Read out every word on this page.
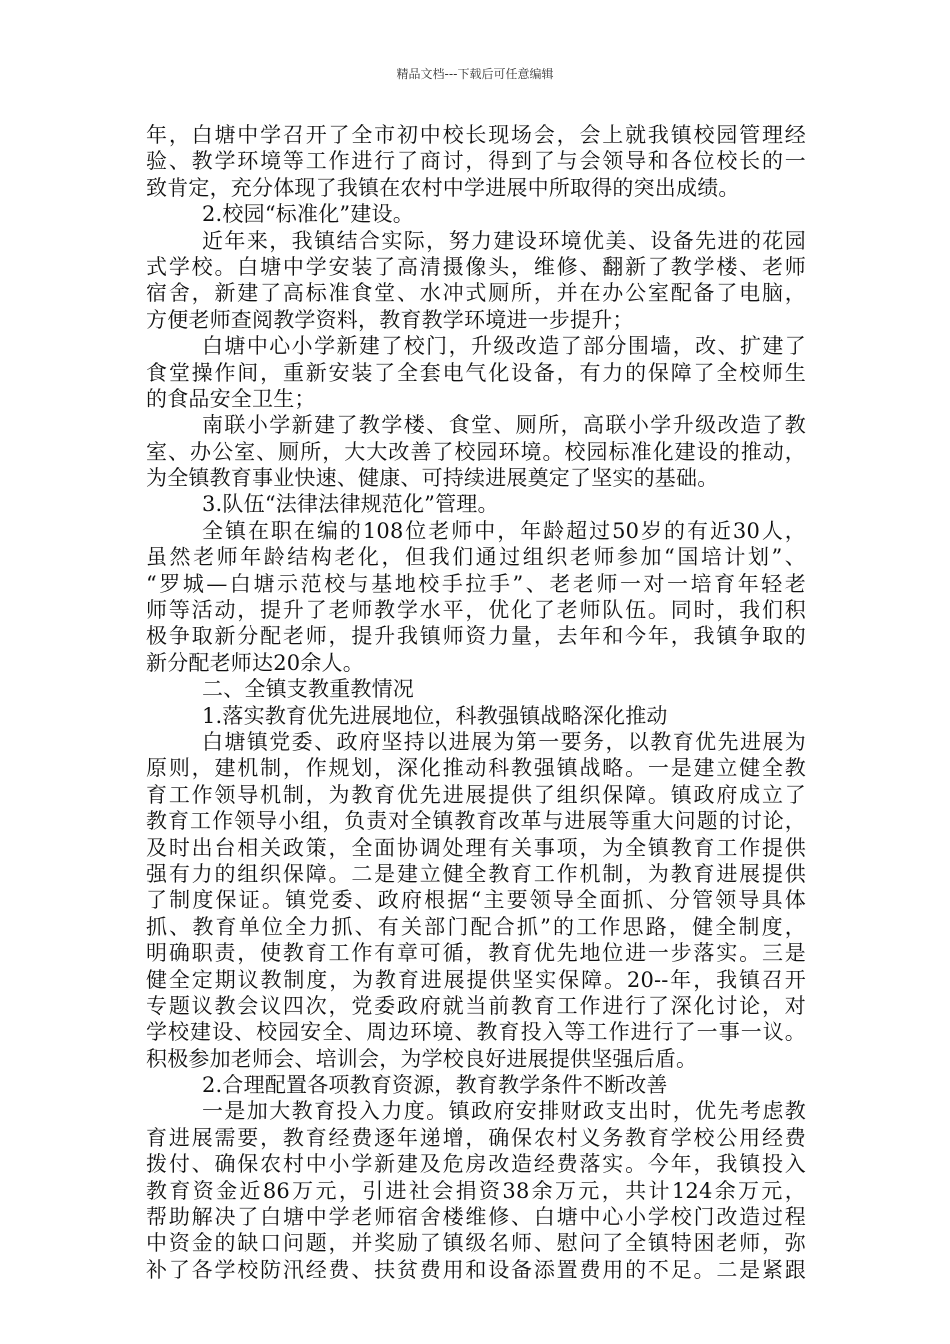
精品文档---下载后可任意编辑
年，白塘中学召开了全市初中校长现场会，会上就我镇校园管理经
验、教学环境等工作进行了商讨，得到了与会领导和各位校长的一
致肯定，充分体现了我镇在农村中学进展中所取得的突出成绩。
2.校园“标准化”建设。
近年来，我镇结合实际，努力建设环境优美、设备先进的花园
式学校。白塘中学安装了高清摄像头，维修、翻新了教学楼、老师
宿舍，新建了高标准食堂、水冲式厕所，并在办公室配备了电脑，
方便老师查阅教学资料，教育教学环境进一步提升；
白塘中心小学新建了校门，升级改造了部分围墙，改、扩建了
食堂操作间，重新安装了全套电气化设备，有力的保障了全校师生
的食品安全卫生；
南联小学新建了教学楼、食堂、厕所，高联小学升级改造了教
室、办公室、厕所，大大改善了校园环境。校园标准化建设的推动，
为全镇教育事业快速、健康、可持续进展奠定了坚实的基础。
3.队伍“法律法律规范化”管理。
全镇在职在编的108位老师中，年龄超过50岁的有近30人，
虽然老师年龄结构老化，但我们通过组织老师参加“国培计划”、
“罗城—白塘示范校与基地校手拉手”、老老师一对一培育年轻老
师等活动，提升了老师教学水平，优化了老师队伍。同时，我们积
极争取新分配老师，提升我镇师资力量，去年和今年，我镇争取的
新分配老师达20余人。
二、全镇支教重教情况
1.落实教育优先进展地位，科教强镇战略深化推动
白塘镇党委、政府坚持以进展为第一要务，以教育优先进展为
原则，建机制，作规划，深化推动科教强镇战略。一是建立健全教
育工作领导机制，为教育优先进展提供了组织保障。镇政府成立了
教育工作领导小组，负责对全镇教育改革与进展等重大问题的讨论，
及时出台相关政策，全面协调处理有关事项，为全镇教育工作提供
强有力的组织保障。二是建立健全教育工作机制，为教育进展提供
了制度保证。镇党委、政府根据“主要领导全面抓、分管领导具体
抓、教育单位全力抓、有关部门配合抓”的工作思路，健全制度，
明确职责，使教育工作有章可循，教育优先地位进一步落实。三是
健全定期议教制度，为教育进展提供坚实保障。20--年，我镇召开
专题议教会议四次，党委政府就当前教育工作进行了深化讨论，对
学校建设、校园安全、周边环境、教育投入等工作进行了一事一议。
积极参加老师会、培训会，为学校良好进展提供坚强后盾。
2.合理配置各项教育资源，教育教学条件不断改善
一是加大教育投入力度。镇政府安排财政支出时，优先考虑教
育进展需要，教育经费逐年递增，确保农村义务教育学校公用经费
拨付、确保农村中小学新建及危房改造经费落实。今年，我镇投入
教育资金近86万元，引进社会捐资38余万元，共计124余万元，
帮助解决了白塘中学老师宿舍楼维修、白塘中心小学校门改造过程
中资金的缺口问题，并奖励了镇级名师、慰问了全镇特困老师，弥
补了各学校防汛经费、扶贫费用和设备添置费用的不足。二是紧跟
